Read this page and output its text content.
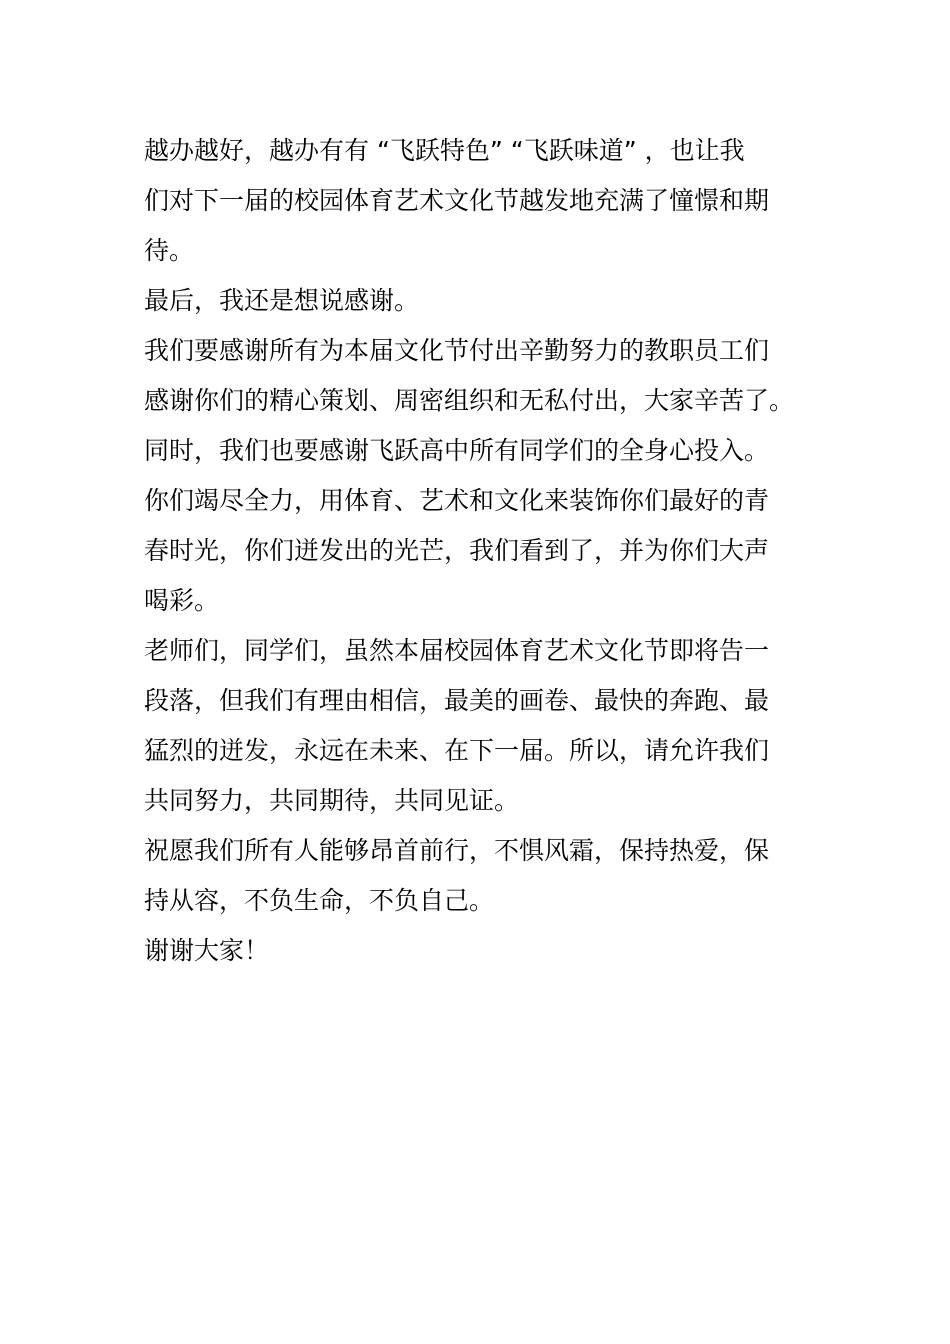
越办越好，越办有有 “飞跃特色” “飞跃味道” ，也让我
们对下一届的校园体育艺术文化节越发地充满了憧憬和期
待。
最后，我还是想说感谢。
我们要感谢所有为本届文化节付出辛勤努力的教职员工们
感谢你们的精心策划、周密组织和无私付出，大家辛苦了。
同时，我们也要感谢飞跃高中所有同学们的全身心投入。
你们竭尽全力，用体育、艺术和文化来装饰你们最好的青
春时光，你们迸发出的光芒，我们看到了，并为你们大声
喝彩。
老师们，同学们，虽然本届校园体育艺术文化节即将告一
段落，但我们有理由相信，最美的画卷、最快的奔跑、最
猛烈的迸发，永远在未来、在下一届。所以，请允许我们
共同努力，共同期待，共同见证。
祝愿我们所有人能够昂首前行，不惧风霜，保持热爱，保
持从容，不负生命，不负自己。
谢谢大家！
